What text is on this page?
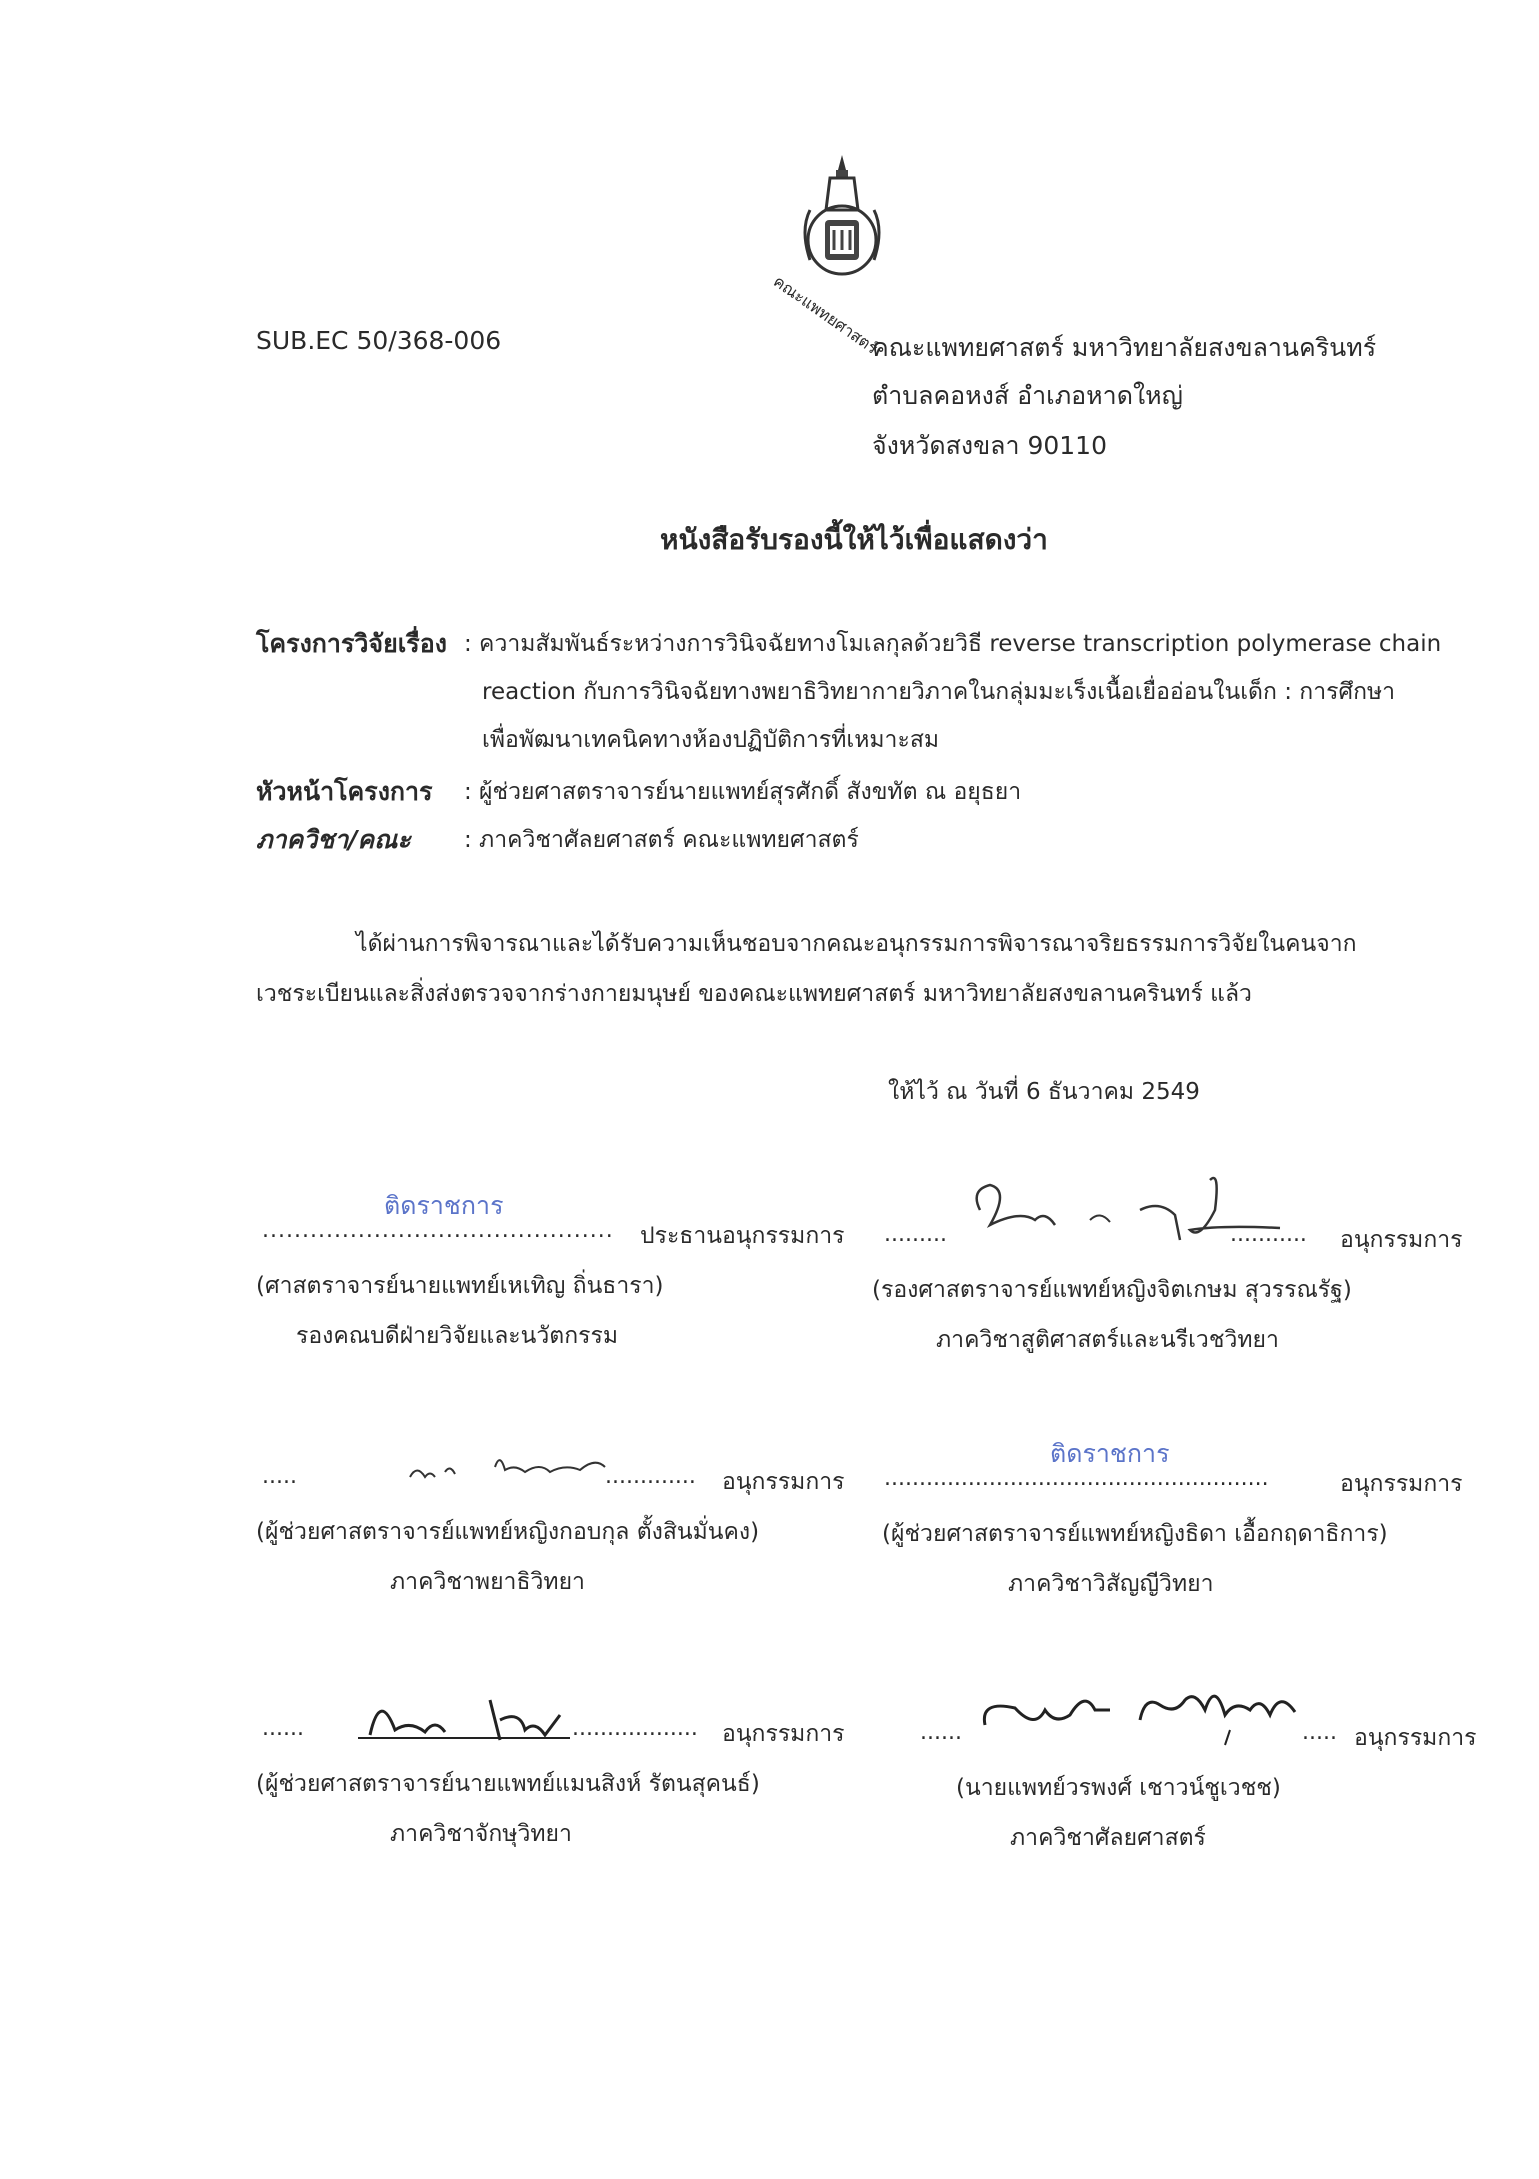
คณะแพทยศาสตร์
SUB.EC 50/368-006	คณะแพทยศาสตร์ มหาวิทยาลัยสงขลานครินทร์
ตำบลคอหงส์ อำเภอหาดใหญ่
จังหวัดสงขลา 90110
หนังสือรับรองนี้ให้ไว้เพื่อแสดงว่า
โครงการวิจัยเรื่อง : ความสัมพันธ์ระหว่างการวินิจฉัยทางโมเลกุลด้วยวิธี reverse transcription polymerase chain
reaction กับการวินิจฉัยทางพยาธิวิทยากายวิภาคในกลุ่มมะเร็งเนื้อเยื่ออ่อนในเด็ก : การศึกษา
เพื่อพัฒนาเทคนิคทางห้องปฏิบัติการที่เหมาะสม
หัวหน้าโครงการ : ผู้ช่วยศาสตราจารย์นายแพทย์สุรศักดิ์ สังขทัต ณ อยุธยา
ภาควิชา/คณะ : ภาควิชาศัลยศาสตร์ คณะแพทยศาสตร์
ได้ผ่านการพิจารณาและได้รับความเห็นชอบจากคณะอนุกรรมการพิจารณาจริยธรรมการวิจัยในคนจาก
เวชระเบียนและสิ่งส่งตรวจจากร่างกายมนุษย์ ของคณะแพทยศาสตร์ มหาวิทยาลัยสงขลานครินทร์ แล้ว
ให้ไว้ ณ วันที่ 6 ธันวาคม 2549
ติดราชการ
............................................ ประธานอนุกรรมการ
(ศาสตราจารย์นายแพทย์เหเทิญ ถิ่นธารา)
รองคณบดีฝ่ายวิจัยและนวัตกรรม
.........	........... อนุกรรมการ
(รองศาสตราจารย์แพทย์หญิงจิตเกษม สุวรรณรัฐ)
ภาควิชาสูติศาสตร์และนรีเวชวิทยา
.....	............. อนุกรรมการ
(ผู้ช่วยศาสตราจารย์แพทย์หญิงกอบกุล ตั้งสินมั่นคง)
ภาควิชาพยาธิวิทยา
ติดราชการ
.......................................................	อนุกรรมการ
(ผู้ช่วยศาสตราจารย์แพทย์หญิงธิดา เอื้อกฤดาธิการ)
ภาควิชาวิสัญญีวิทยา
......	.................. อนุกรรมการ
(ผู้ช่วยศาสตราจารย์นายแพทย์แมนสิงห์ รัตนสุคนธ์)
ภาควิชาจักษุวิทยา
......	..... อนุกรรมการ
(นายแพทย์วรพงศ์ เชาวน์ชูเวชช)
ภาควิชาศัลยศาสตร์
